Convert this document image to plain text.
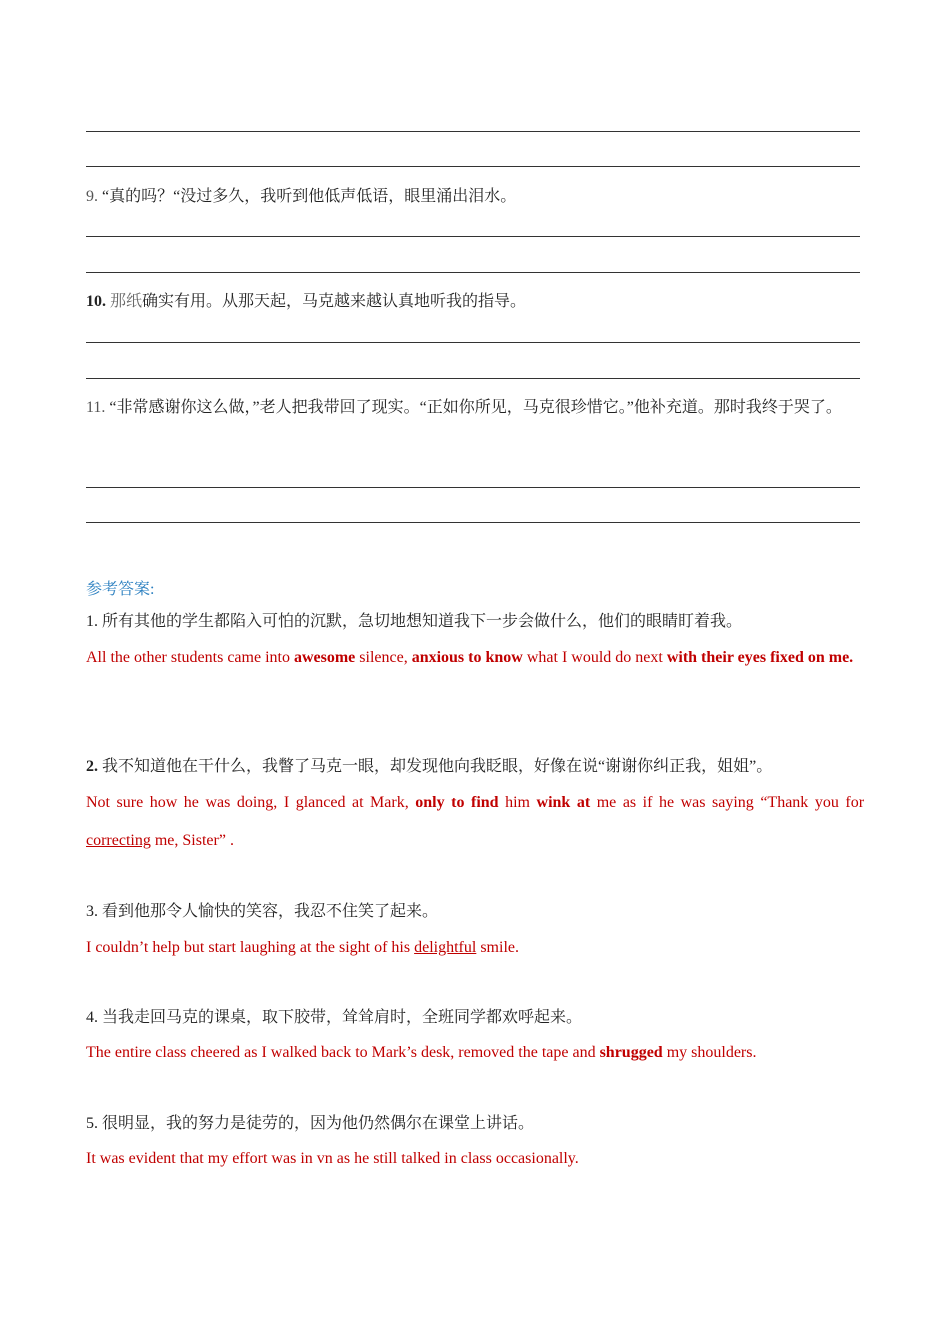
9. “真的吗？“没过多久，我听到他低声低语，眼里涌出泪水。
10. 那纸确实有用。从那天起，马克越来越认真地听我的指导。
11. “非常感谢你这么做，”老人把我带回了现实。“正如你所见，马克很珍惜它。”他补充道。那时我终于哭了。
参考答案:
1. 所有其他的学生都陷入可怕的沉默，急切地想知道我下一步会做什么，他们的眼睛盯着我。
All the other students came into awesome silence, anxious to know what I would do next with their eyes fixed on me.
2. 我不知道他在干什么，我瞥了马克一眼，却发现他向我眨眼，好像在说“谢谢你纠正我，姐姐”。
Not sure how he was doing, I glanced at Mark, only to find him wink at me as if he was saying “Thank you for correcting me, Sister” .
3. 看到他那令人愉快的笑容，我忍不住笑了起来。
I couldn’t help but start laughing at the sight of his delightful smile.
4. 当我走回马克的课桌，取下胶带，耸耸肩时，全班同学都欢呼起来。
The entire class cheered as I walked back to Mark’s desk, removed the tape and shrugged my shoulders.
5. 很明显，我的努力是徒劳的，因为他仍然偶尔在课堂上讲话。
It was evident that my effort was in vn as he still talked in class occasionally.
